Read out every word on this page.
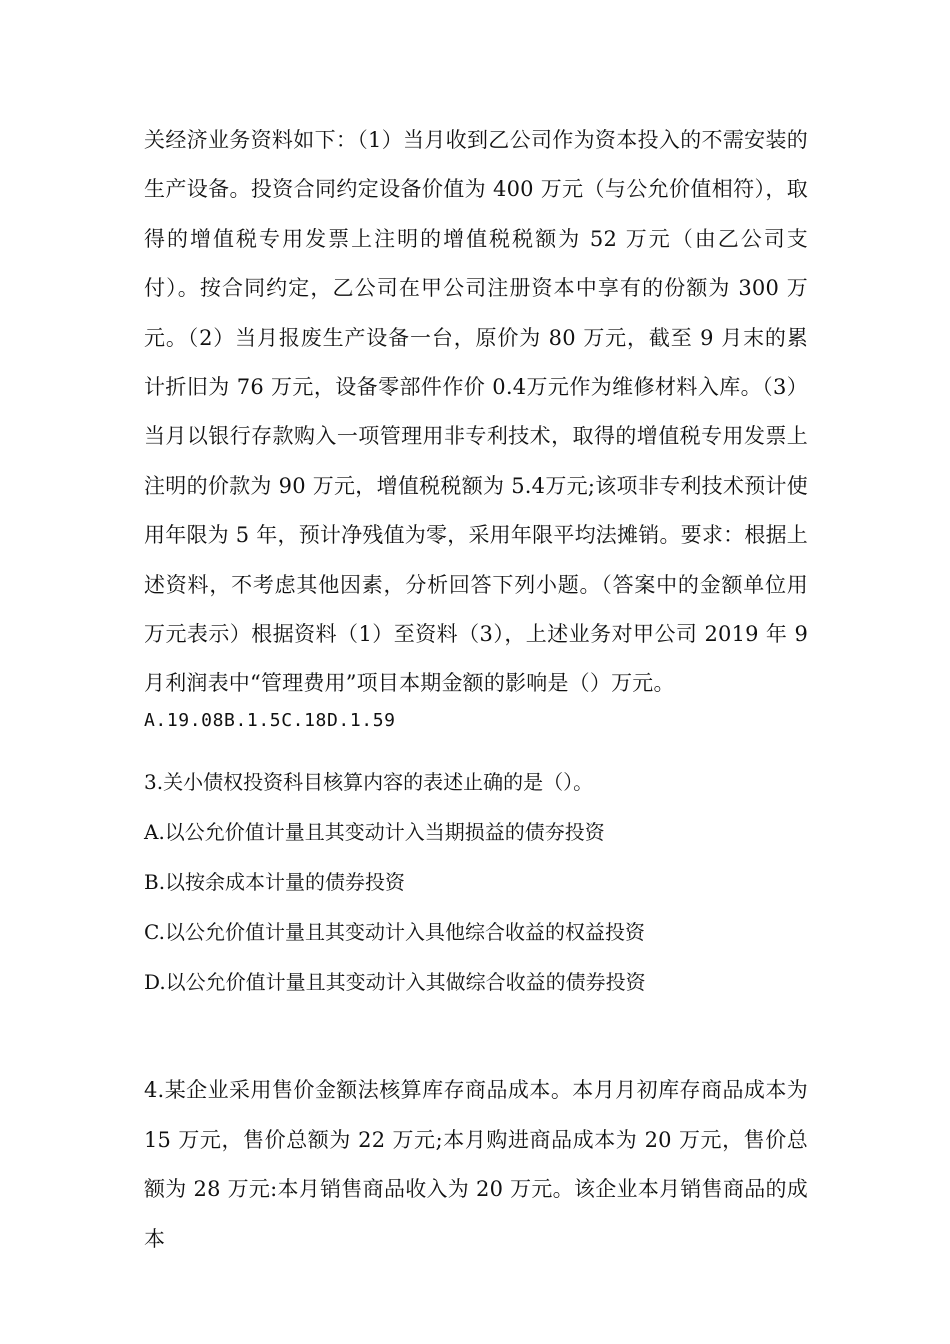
关经济业务资料如下：（1）当月收到乙公司作为资本投入的不需安装的生产设备。投资合同约定设备价值为 400 万元（与公允价值相符），取得的增值税专用发票上注明的增值税税额为 52 万元（由乙公司支付）。按合同约定，乙公司在甲公司注册资本中享有的份额为 300 万元。（2）当月报废生产设备一台，原价为 80 万元，截至 9 月末的累计折旧为 76 万元，设备零部件作价 0.4万元作为维修材料入库。（3）当月以银行存款购入一项管理用非专利技术，取得的增值税专用发票上注明的价款为 90 万元，增值税税额为 5.4万元;该项非专利技术预计使用年限为 5 年，预计净残值为零，采用年限平均法摊销。要求：根据上述资料，不考虑其他因素，分析回答下列小题。（答案中的金额单位用万元表示）根据资料（1）至资料（3），上述业务对甲公司 2019 年 9 月利润表中“管理费用”项目本期金额的影响是（）万元。

A.19.08B.1.5C.18D.1.59

3.关小债权投资科目核算内容的表述止确的是（）。

A.以公允价值计量且其变动计入当期损益的债夯投资

B.以按余成本计量的债券投资

C.以公允价值计量且其变动计入具他综合收益的权益投资

D.以公允价值计量且其变动计入其做综合收益的债券投资

4.某企业采用售价金额法核算库存商品成本。本月月初库存商品成本为 15 万元，售价总额为 22 万元;本月购进商品成本为 20 万元，售价总额为 28 万元:本月销售商品收入为 20 万元。该企业本月销售商品的成本
